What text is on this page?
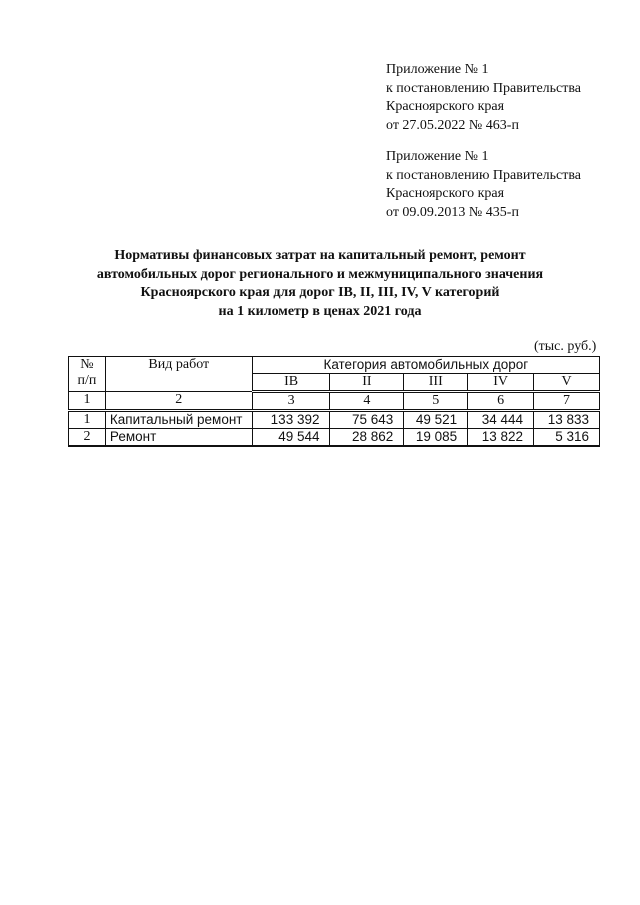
Приложение № 1
к постановлению Правительства
Красноярского края
от 27.05.2022 № 463-п
Приложение № 1
к постановлению Правительства
Красноярского края
от 09.09.2013 № 435-п
Нормативы финансовых затрат на капитальный ремонт, ремонт
автомобильных дорог регионального и межмуниципального значения
Красноярского края для дорог IB, II, III, IV, V категорий
на 1 километр в ценах 2021 года
(тыс. руб.)
№ п/п	Вид работ	Категория автомобильных дорог				
		IB	II	III	IV	V
1	2	3	4	5	6	7
1	Капитальный ремонт	133 392	75 643	49 521	34 444	13 833
2	Ремонт	49 544	28 862	19 085	13 822	5 316
